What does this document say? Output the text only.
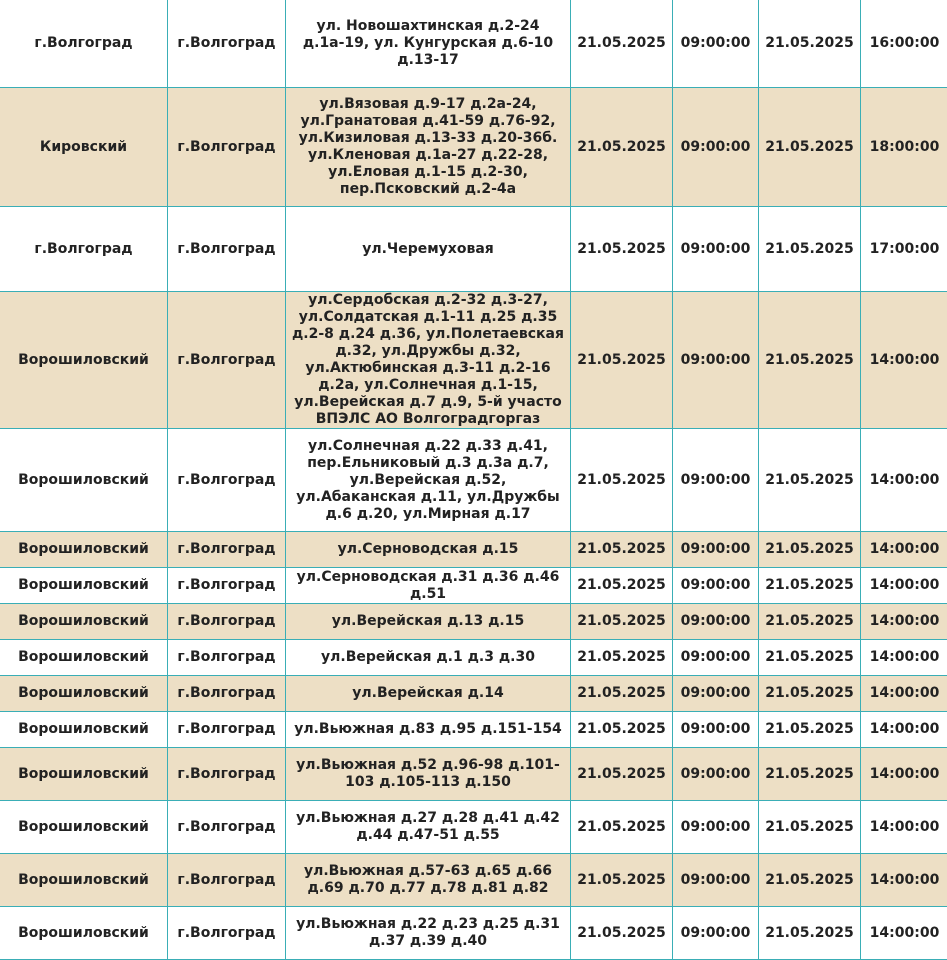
г.Волгоград	г.Волгоград	ул. Новошахтинская д.2-24 д.1а-19, ул. Кунгурская д.6-10 д.13-17	21.05.2025	09:00:00	21.05.2025	16:00:00
Кировский	г.Волгоград	ул.Вязовая д.9-17 д.2а-24, ул.Гранатовая д.41-59 д.76-92, ул.Кизиловая д.13-33 д.20-36б. ул.Кленовая д.1а-27 д.22-28, ул.Еловая д.1-15 д.2-30, пер.Псковский д.2-4а	21.05.2025	09:00:00	21.05.2025	18:00:00
г.Волгоград	г.Волгоград	ул.Черемуховая	21.05.2025	09:00:00	21.05.2025	17:00:00
Ворошиловский	г.Волгоград	ул.Сердобская д.2-32 д.3-27, ул.Солдатская д.1-11 д.25 д.35 д.2-8 д.24 д.36, ул.Полетаевская д.32, ул.Дружбы д.32, ул.Актюбинская д.3-11 д.2-16 д.2а, ул.Солнечная д.1-15, ул.Верейская д.7 д.9, 5-й участо ВПЭЛС АО Волгоградгоргаз	21.05.2025	09:00:00	21.05.2025	14:00:00
Ворошиловский	г.Волгоград	ул.Солнечная д.22 д.33 д.41, пер.Ельниковый д.3 д.3а д.7, ул.Верейская д.52, ул.Абаканская д.11, ул.Дружбы д.6 д.20, ул.Мирная д.17	21.05.2025	09:00:00	21.05.2025	14:00:00
Ворошиловский	г.Волгоград	ул.Серноводская д.15	21.05.2025	09:00:00	21.05.2025	14:00:00
Ворошиловский	г.Волгоград	ул.Серноводская д.31 д.36 д.46 д.51	21.05.2025	09:00:00	21.05.2025	14:00:00
Ворошиловский	г.Волгоград	ул.Верейская д.13 д.15	21.05.2025	09:00:00	21.05.2025	14:00:00
Ворошиловский	г.Волгоград	ул.Верейская д.1 д.3 д.30	21.05.2025	09:00:00	21.05.2025	14:00:00
Ворошиловский	г.Волгоград	ул.Верейская д.14	21.05.2025	09:00:00	21.05.2025	14:00:00
Ворошиловский	г.Волгоград	ул.Вьюжная д.83 д.95 д.151-154	21.05.2025	09:00:00	21.05.2025	14:00:00
Ворошиловский	г.Волгоград	ул.Вьюжная д.52 д.96-98 д.101-103 д.105-113 д.150	21.05.2025	09:00:00	21.05.2025	14:00:00
Ворошиловский	г.Волгоград	ул.Вьюжная д.27 д.28 д.41 д.42 д.44 д.47-51 д.55	21.05.2025	09:00:00	21.05.2025	14:00:00
Ворошиловский	г.Волгоград	ул.Вьюжная д.57-63 д.65 д.66 д.69 д.70 д.77 д.78 д.81 д.82	21.05.2025	09:00:00	21.05.2025	14:00:00
Ворошиловский	г.Волгоград	ул.Вьюжная д.22 д.23 д.25 д.31 д.37 д.39 д.40	21.05.2025	09:00:00	21.05.2025	14:00:00
